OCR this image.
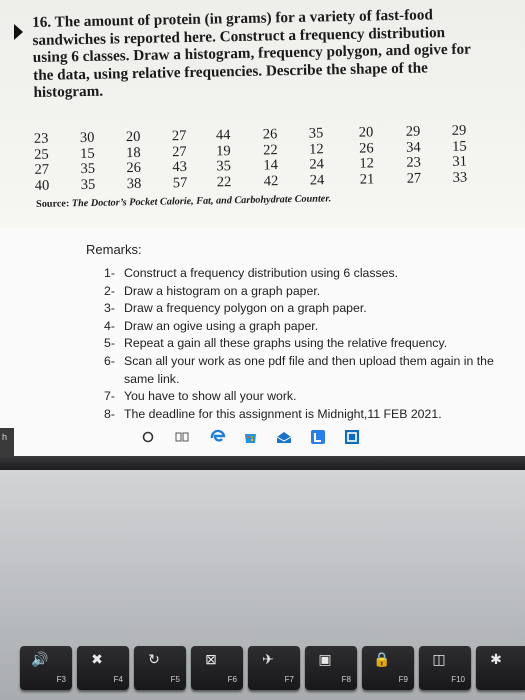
16. The amount of protein (in grams) for a variety of fast-food sandwiches is reported here. Construct a frequency distribution using 6 classes. Draw a histogram, frequency polygon, and ogive for the data, using relative frequencies. Describe the shape of the histogram.

23	30	20	27	44	26	35	20	29	29
25	15	18	27	19	22	12	26	34	15
27	35	26	43	35	14	24	12	23	31
40	35	38	57	22	42	24	21	27	33

Source: The Doctor’s Pocket Calorie, Fat, and Carbohydrate Counter.

Remarks:
1- Construct a frequency distribution using 6 classes.
2- Draw a histogram on a graph paper.
3- Draw a frequency polygon on a graph paper.
4- Draw an ogive using a graph paper.
5- Repeat a gain all these graphs using the relative frequency.
6- Scan all your work as one pdf file and then upload them again in the same link.
7- You have to show all your work.
8- The deadline for this assignment is Midnight,11 FEB 2021.
h
🔊
F3
✖
F4
↻
F5
⊠
F6
✈
F7
▣
F8
🔒
F9
◫
F10
✱
